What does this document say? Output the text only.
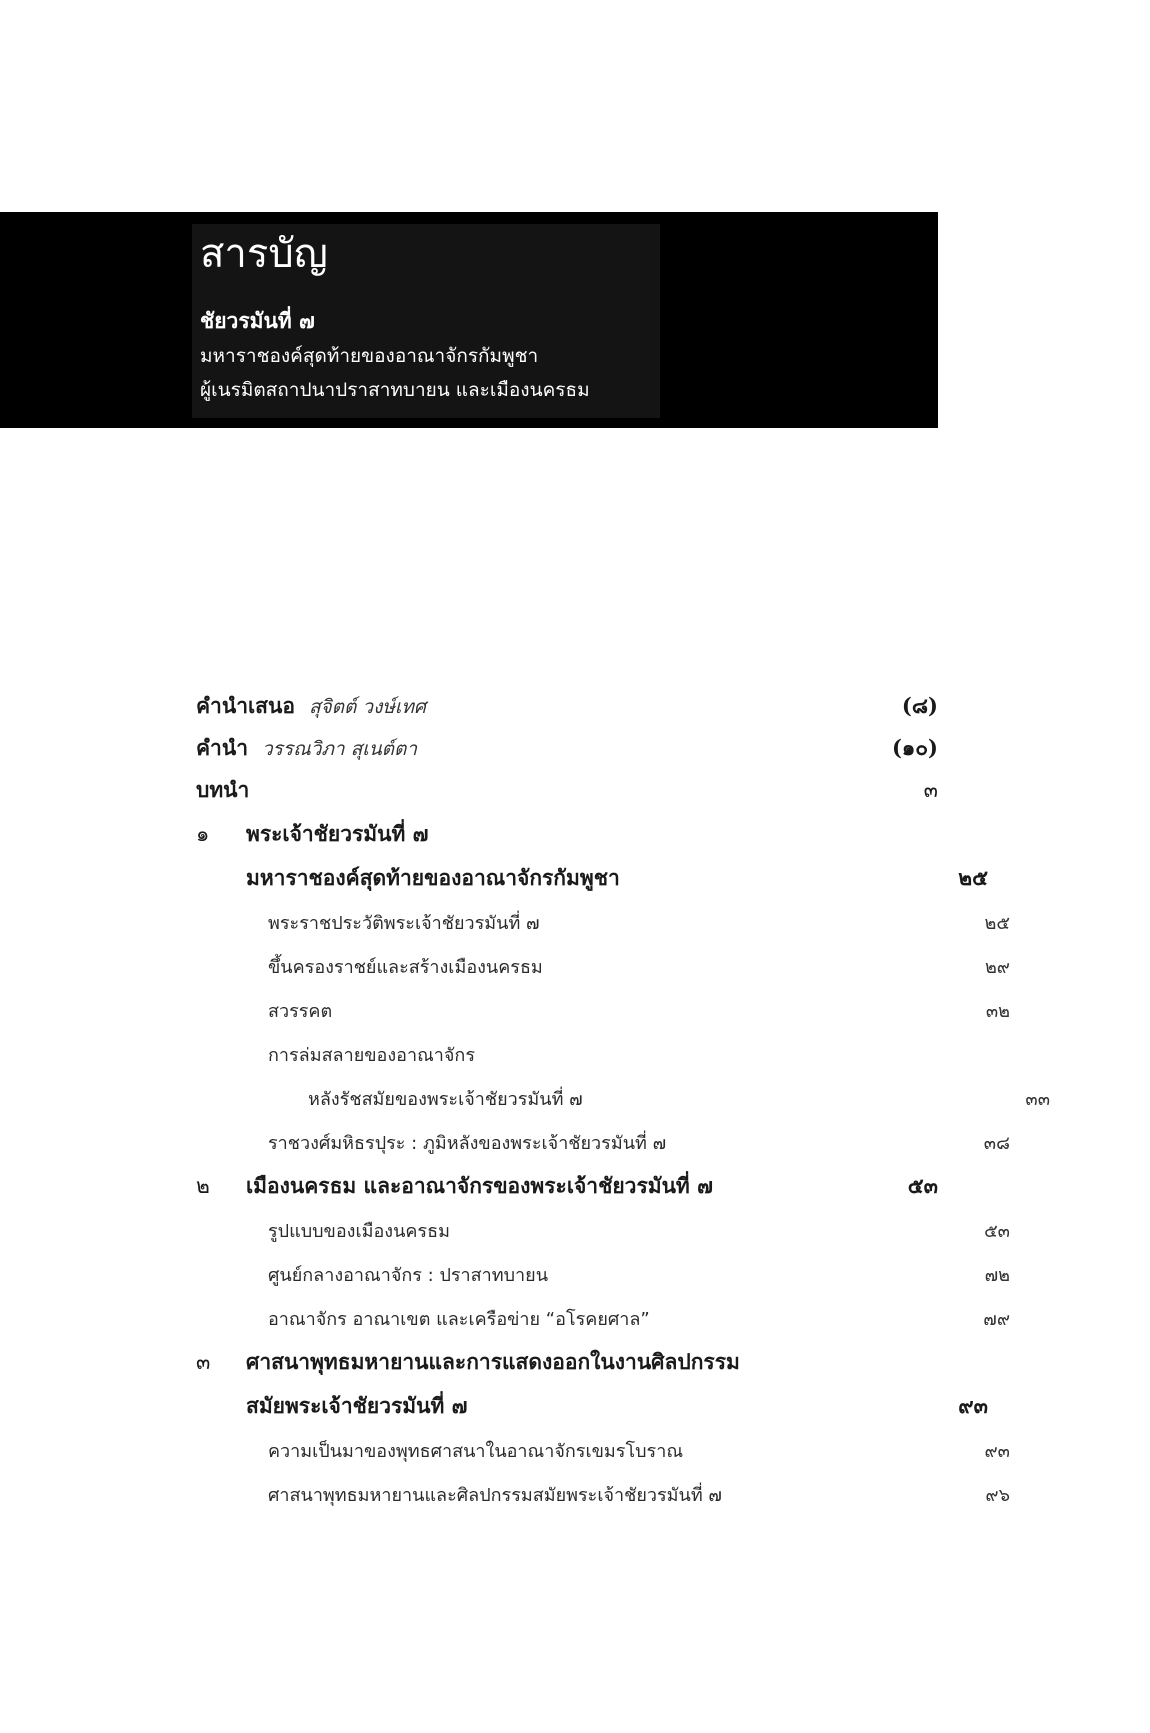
สารบัญ
ชัยวรมันที่ ๗
มหาราชองค์สุดท้ายของอาณาจักรกัมพูชา
ผู้เนรมิตสถาปนาปราสาทบายน และเมืองนครธม
คำนำเสนอ สุจิตต์ วงษ์เทศ	(๘)
คำนำ วรรณวิภา สุเนต์ตา	(๑๐)
บทนำ	๓
๑	พระเจ้าชัยวรมันที่ ๗
มหาราชองค์สุดท้ายของอาณาจักรกัมพูชา	๒๕
พระราชประวัติพระเจ้าชัยวรมันที่ ๗	๒๕
ขึ้นครองราชย์และสร้างเมืองนครธม	๒๙
สวรรคต	๓๒
การล่มสลายของอาณาจักร
หลังรัชสมัยของพระเจ้าชัยวรมันที่ ๗	๓๓
ราชวงศ์มหิธรปุระ : ภูมิหลังของพระเจ้าชัยวรมันที่ ๗	๓๘
๒	เมืองนครธม และอาณาจักรของพระเจ้าชัยวรมันที่ ๗	๕๓
รูปแบบของเมืองนครธม	๕๓
ศูนย์กลางอาณาจักร : ปราสาทบายน	๗๒
อาณาจักร อาณาเขต และเครือข่าย “อโรคยศาล”	๗๙
๓	ศาสนาพุทธมหายานและการแสดงออกในงานศิลปกรรม
สมัยพระเจ้าชัยวรมันที่ ๗	๙๓
ความเป็นมาของพุทธศาสนาในอาณาจักรเขมรโบราณ	๙๓
ศาสนาพุทธมหายานและศิลปกรรมสมัยพระเจ้าชัยวรมันที่ ๗	๙๖
